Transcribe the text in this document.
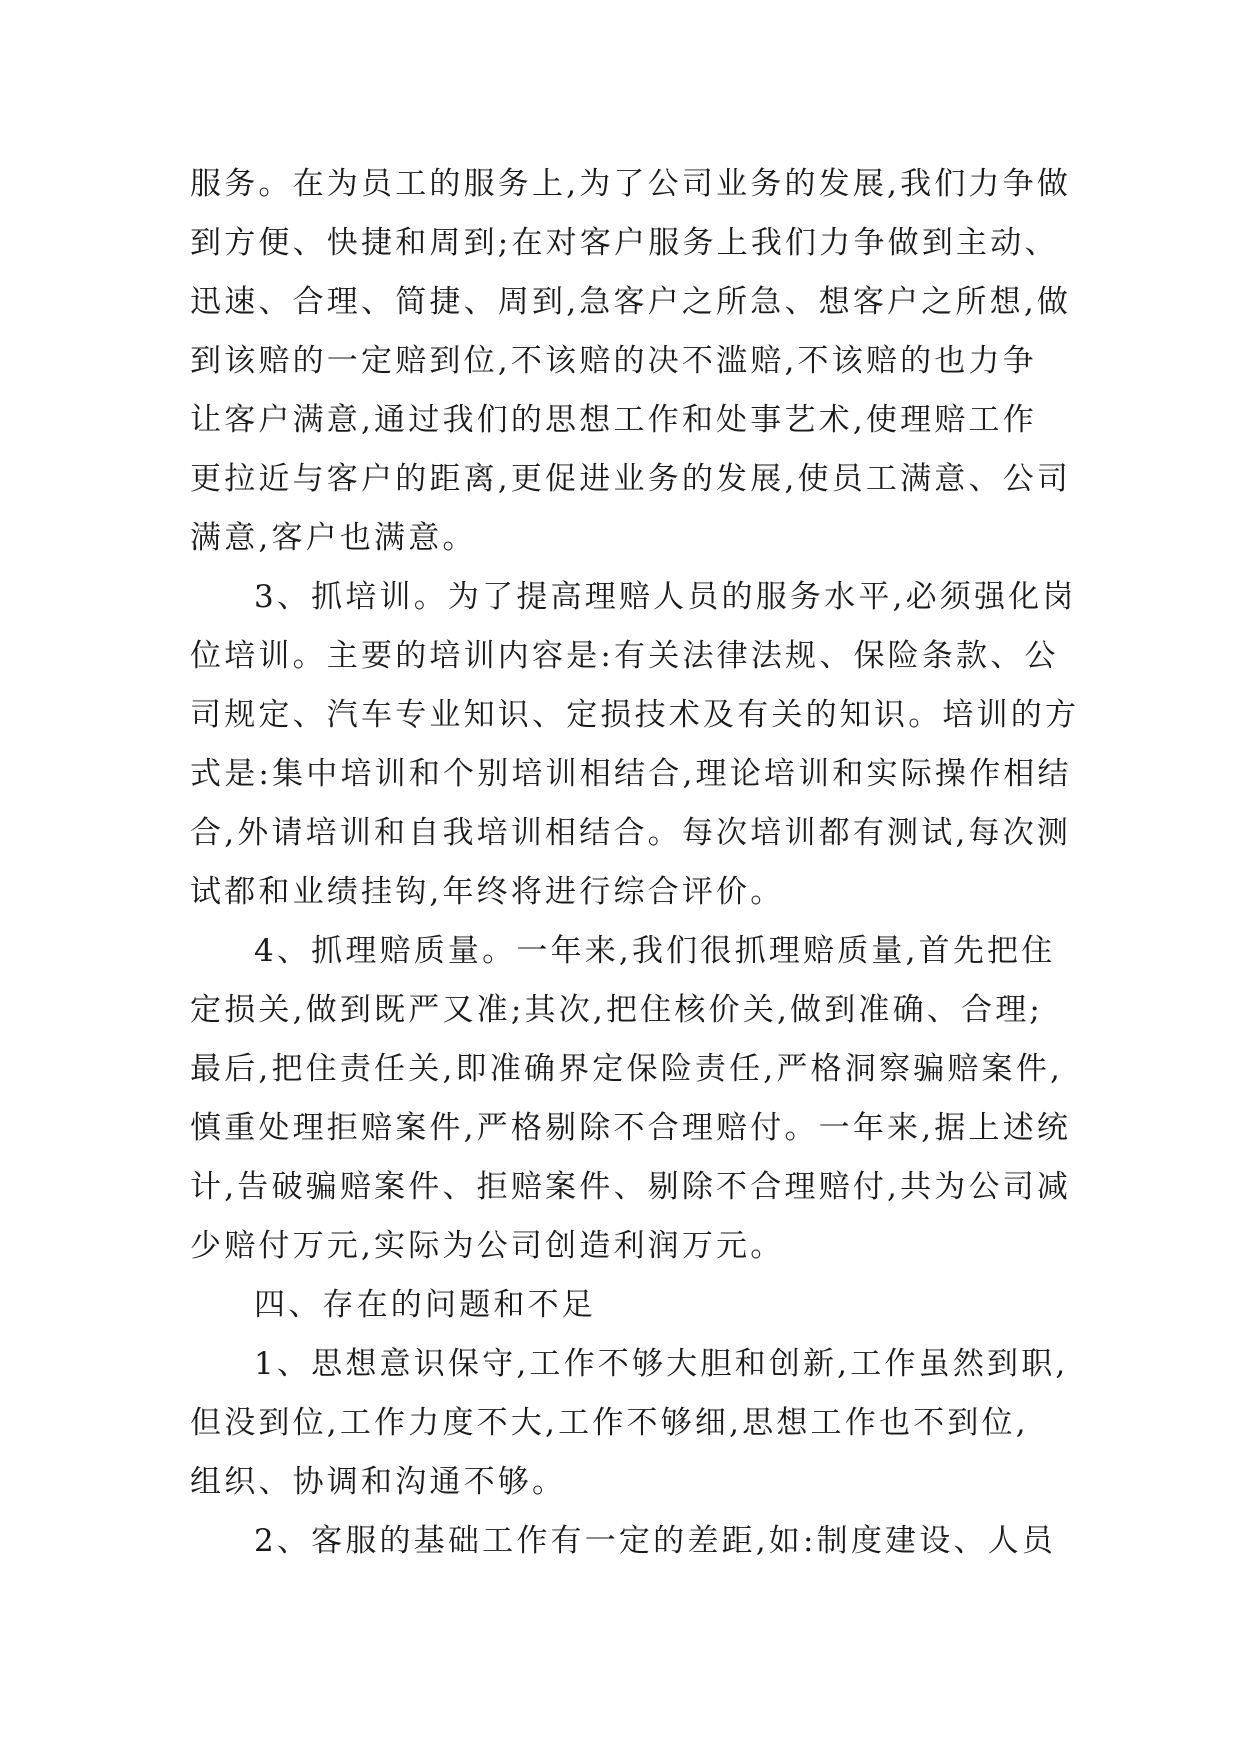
服务。在为员工的服务上,为了公司业务的发展,我们力争做
到方便、快捷和周到;在对客户服务上我们力争做到主动、
迅速、合理、简捷、周到,急客户之所急、想客户之所想,做
到该赔的一定赔到位,不该赔的决不滥赔,不该赔的也力争
让客户满意,通过我们的思想工作和处事艺术,使理赔工作
更拉近与客户的距离,更促进业务的发展,使员工满意、公司
满意,客户也满意。
3、抓培训。为了提高理赔人员的服务水平,必须强化岗
位培训。主要的培训内容是:有关法律法规、保险条款、公
司规定、汽车专业知识、定损技术及有关的知识。培训的方
式是:集中培训和个别培训相结合,理论培训和实际操作相结
合,外请培训和自我培训相结合。每次培训都有测试,每次测
试都和业绩挂钩,年终将进行综合评价。
4、抓理赔质量。一年来,我们很抓理赔质量,首先把住
定损关,做到既严又准;其次,把住核价关,做到准确、合理;
最后,把住责任关,即准确界定保险责任,严格洞察骗赔案件,
慎重处理拒赔案件,严格剔除不合理赔付。一年来,据上述统
计,告破骗赔案件、拒赔案件、剔除不合理赔付,共为公司减
少赔付万元,实际为公司创造利润万元。
四、存在的问题和不足
1、思想意识保守,工作不够大胆和创新,工作虽然到职,
但没到位,工作力度不大,工作不够细,思想工作也不到位,
组织、协调和沟通不够。
2、客服的基础工作有一定的差距,如:制度建设、人员
